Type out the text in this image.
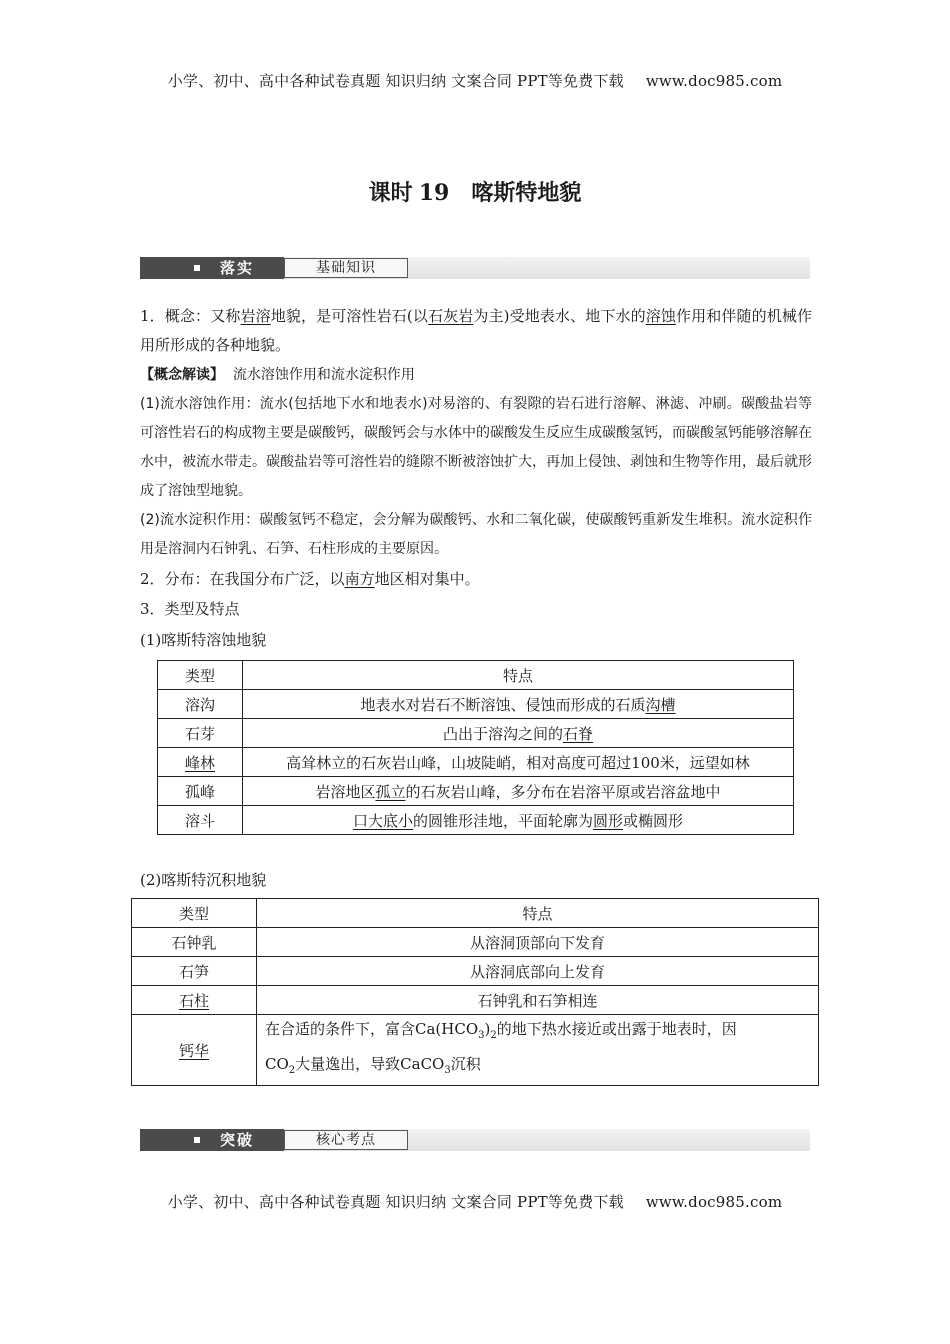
小学、初中、高中各种试卷真题 知识归纳 文案合同 PPT等免费下载 www.doc985.com
课时 19 喀斯特地貌
落实	基础知识
1．概念：又称岩溶地貌，是可溶性岩石(以石灰岩为主)受地表水、地下水的溶蚀作用和伴随的机械作用所形成的各种地貌。
【概念解读】 流水溶蚀作用和流水淀积作用
(1)流水溶蚀作用：流水(包括地下水和地表水)对易溶的、有裂隙的岩石进行溶解、淋滤、冲刷。碳酸盐岩等可溶性岩石的构成物主要是碳酸钙，碳酸钙会与水体中的碳酸发生反应生成碳酸氢钙，而碳酸氢钙能够溶解在水中，被流水带走。碳酸盐岩等可溶性岩的缝隙不断被溶蚀扩大，再加上侵蚀、剥蚀和生物等作用，最后就形成了溶蚀型地貌。
(2)流水淀积作用：碳酸氢钙不稳定，会分解为碳酸钙、水和二氧化碳，使碳酸钙重新发生堆积。流水淀积作用是溶洞内石钟乳、石笋、石柱形成的主要原因。
2．分布：在我国分布广泛，以南方地区相对集中。
3．类型及特点
(1)喀斯特溶蚀地貌
类型	特点
溶沟	地表水对岩石不断溶蚀、侵蚀而形成的石质沟槽
石芽	凸出于溶沟之间的石脊
峰林	高耸林立的石灰岩山峰，山坡陡峭，相对高度可超过100米，远望如林
孤峰	岩溶地区孤立的石灰岩山峰，多分布在岩溶平原或岩溶盆地中
溶斗	口大底小的圆锥形洼地，平面轮廓为圆形或椭圆形
(2)喀斯特沉积地貌
类型	特点
石钟乳	从溶洞顶部向下发育
石笋	从溶洞底部向上发育
石柱	石钟乳和石笋相连
钙华	在合适的条件下，富含$Ca(HCO_3)_2$的地下热水接近或出露于地表时，因
$CO_2$大量逸出，导致CaCO$_3$沉积
突破	核心考点
小学、初中、高中各种试卷真题 知识归纳 文案合同 PPT等免费下载 www.doc985.com
